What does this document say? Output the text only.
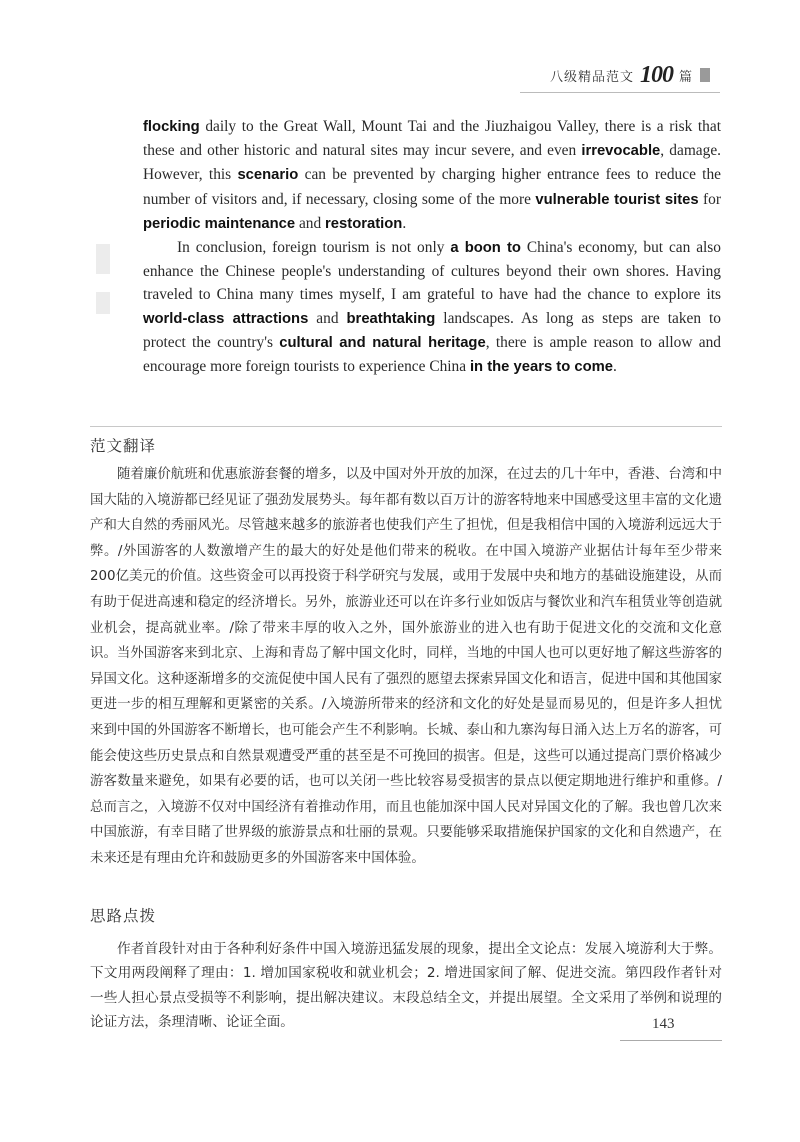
八级精品范文 100 篇

flocking daily to the Great Wall, Mount Tai and the Jiuzhaigou Valley, there is a risk that these and other historic and natural sites may incur severe, and even irrevocable, damage. However, this scenario can be prevented by charging higher entrance fees to reduce the number of visitors and, if necessary, closing some of the more vulnerable tourist sites for periodic maintenance and restoration.

In conclusion, foreign tourism is not only a boon to China's economy, but can also enhance the Chinese people's understanding of cultures beyond their own shores. Having traveled to China many times myself, I am grateful to have had the chance to explore its world-class attractions and breathtaking landscapes. As long as steps are taken to protect the country's cultural and natural heritage, there is ample reason to allow and encourage more foreign tourists to experience China in the years to come.

范文翻译

随着廉价航班和优惠旅游套餐的增多，以及中国对外开放的加深，在过去的几十年中，香港、台湾和中国大陆的入境游都已经见证了强劲发展势头。每年都有数以百万计的游客特地来中国感受这里丰富的文化遗产和大自然的秀丽风光。尽管越来越多的旅游者也使我们产生了担忧，但是我相信中国的入境游利远远大于弊。/外国游客的人数激增产生的最大的好处是他们带来的税收。在中国入境游产业据估计每年至少带来200亿美元的价值。这些资金可以再投资于科学研究与发展，或用于发展中央和地方的基础设施建设，从而有助于促进高速和稳定的经济增长。另外，旅游业还可以在许多行业如饭店与餐饮业和汽车租赁业等创造就业机会，提高就业率。/除了带来丰厚的收入之外，国外旅游业的进入也有助于促进文化的交流和文化意识。当外国游客来到北京、上海和青岛了解中国文化时，同样，当地的中国人也可以更好地了解这些游客的异国文化。这种逐渐增多的交流促使中国人民有了强烈的愿望去探索异国文化和语言，促进中国和其他国家更进一步的相互理解和更紧密的关系。/入境游所带来的经济和文化的好处是显而易见的，但是许多人担忧来到中国的外国游客不断增长，也可能会产生不利影响。长城、泰山和九寨沟每日涌入达上万名的游客，可能会使这些历史景点和自然景观遭受严重的甚至是不可挽回的损害。但是，这些可以通过提高门票价格减少游客数量来避免，如果有必要的话，也可以关闭一些比较容易受损害的景点以便定期地进行维护和重修。/总而言之，入境游不仅对中国经济有着推动作用，而且也能加深中国人民对异国文化的了解。我也曾几次来中国旅游，有幸目睹了世界级的旅游景点和壮丽的景观。只要能够采取措施保护国家的文化和自然遗产，在未来还是有理由允许和鼓励更多的外国游客来中国体验。

思路点拨

作者首段针对由于各种利好条件中国入境游迅猛发展的现象，提出全文论点：发展入境游利大于弊。下文用两段阐释了理由：1. 增加国家税收和就业机会；2. 增进国家间了解、促进交流。第四段作者针对一些人担心景点受损等不利影响，提出解决建议。末段总结全文，并提出展望。全文采用了举例和说理的论证方法，条理清晰、论证全面。	143
